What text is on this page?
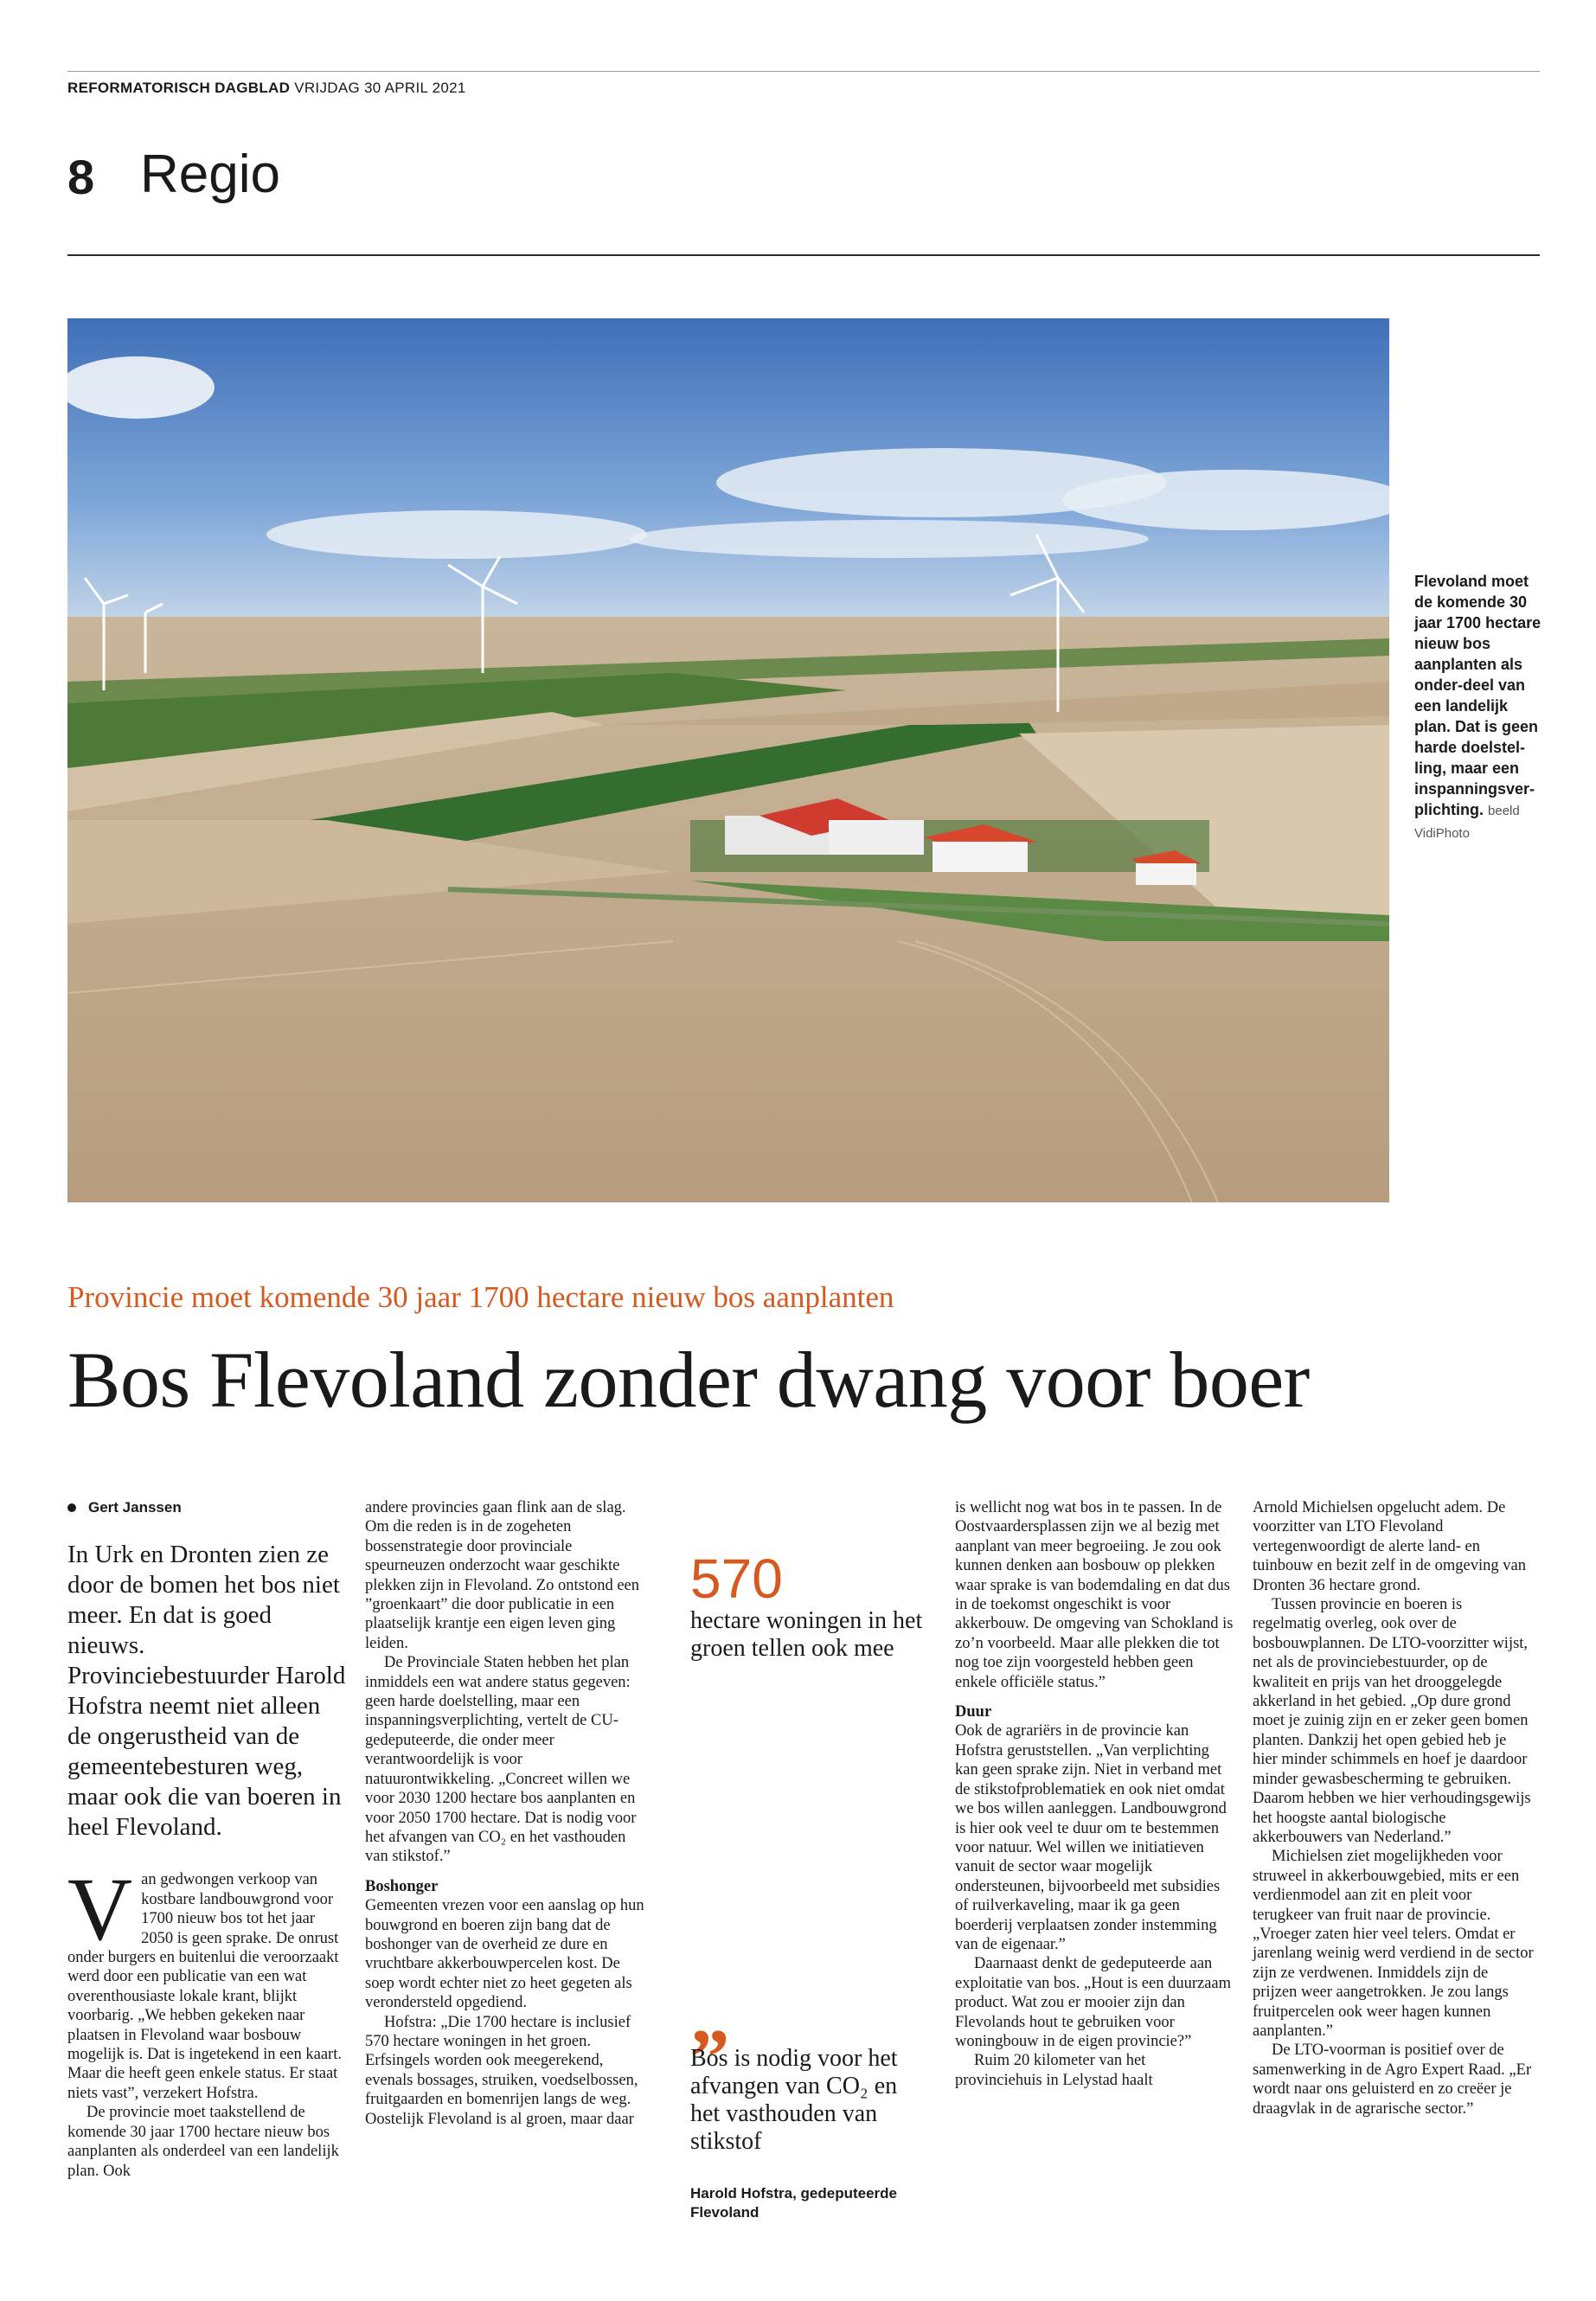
REFORMATORISCH DAGBLAD VRIJDAG 30 APRIL 2021
8 Regio
Flevoland moet de komende 30 jaar 1700 hectare nieuw bos aanplanten als onder-deel van een landelijk plan. Dat is geen harde doelstel-ling, maar een inspanningsver-plichting. beeld VidiPhoto
Provincie moet komende 30 jaar 1700 hectare nieuw bos aanplanten
Bos Flevoland zonder dwang voor boer
Gert Janssen
In Urk en Dronten zien ze door de bomen het bos niet meer. En dat is goed nieuws. Provinciebestuurder Harold Hofstra neemt niet alleen de ongerustheid van de gemeentebesturen weg, maar ook die van boeren in heel Flevoland.

Van gedwongen verkoop van kostbare landbouwgrond voor 1700 nieuw bos tot het jaar 2050 is geen sprake. De onrust onder burgers en buitenlui die veroorzaakt werd door een publicatie van een wat overenthousiaste lokale krant, blijkt voorbarig. „We hebben gekeken naar plaatsen in Flevoland waar bosbouw mogelijk is. Dat is ingetekend in een kaart. Maar die heeft geen enkele status. Er staat niets vast”, verzekert Hofstra.

De provincie moet taakstellend de komende 30 jaar 1700 hectare nieuw bos aanplanten als onderdeel van een landelijk plan. Ook

andere provincies gaan flink aan de slag. Om die reden is in de zogeheten bossenstrategie door provinciale speurneuzen onderzocht waar geschikte plekken zijn in Flevoland. Zo ontstond een ”groenkaart” die door publicatie in een plaatselijk krantje een eigen leven ging leiden.

De Provinciale Staten hebben het plan inmiddels een wat andere status gegeven: geen harde doelstelling, maar een inspanningsverplichting, vertelt de CU-gedeputeerde, die onder meer verantwoordelijk is voor natuurontwikkeling. „Concreet willen we voor 2030 1200 hectare bos aanplanten en voor 2050 1700 hectare. Dat is nodig voor het afvangen van CO₂ en het vasthouden van stikstof.”

Boshonger

Gemeenten vrezen voor een aanslag op hun bouwgrond en boeren zijn bang dat de boshonger van de overheid ze dure en vruchtbare akkerbouwpercelen kost. De soep wordt echter niet zo heet gegeten als verondersteld opgediend.

Hofstra: „Die 1700 hectare is inclusief 570 hectare woningen in het groen. Erfsingels worden ook meegerekend, evenals bossages, struiken, voedselbossen, fruitgaarden en bomenrijen langs de weg. Oostelijk Flevoland is al groen, maar daar

570
hectare woningen in het groen tellen ook mee
„
Bos is nodig voor het afvangen van CO₂ en het vasthouden van stikstof
Harold Hofstra, gedeputeerde Flevoland

is wellicht nog wat bos in te passen. In de Oostvaardersplassen zijn we al bezig met aanplant van meer begroeiing. Je zou ook kunnen denken aan bosbouw op plekken waar sprake is van bodemdaling en dat dus in de toekomst ongeschikt is voor akkerbouw. De omgeving van Schokland is zo’n voorbeeld. Maar alle plekken die tot nog toe zijn voorgesteld hebben geen enkele officiële status.”

Duur

Ook de agrariërs in de provincie kan Hofstra geruststellen. „Van verplichting kan geen sprake zijn. Niet in verband met de stikstofproblematiek en ook niet omdat we bos willen aanleggen. Landbouwgrond is hier ook veel te duur om te bestemmen voor natuur. Wel willen we initiatieven vanuit de sector waar mogelijk ondersteunen, bijvoorbeeld met subsidies of ruilverkaveling, maar ik ga geen boerderij verplaatsen zonder instemming van de eigenaar.”

Daarnaast denkt de gedeputeerde aan exploitatie van bos. „Hout is een duurzaam product. Wat zou er mooier zijn dan Flevolands hout te gebruiken voor woningbouw in de eigen provincie?”

Ruim 20 kilometer van het provinciehuis in Lelystad haalt

Arnold Michielsen opgelucht adem. De voorzitter van LTO Flevoland vertegenwoordigt de alerte land- en tuinbouw en bezit zelf in de omgeving van Dronten 36 hectare grond.

Tussen provincie en boeren is regelmatig overleg, ook over de bosbouwplannen. De LTO-voorzitter wijst, net als de provinciebestuurder, op de kwaliteit en prijs van het drooggelegde akkerland in het gebied. „Op dure grond moet je zuinig zijn en er zeker geen bomen planten. Dankzij het open gebied heb je hier minder schimmels en hoef je daardoor minder gewasbescherming te gebruiken. Daarom hebben we hier verhoudingsgewijs het hoogste aantal biologische akkerbouwers van Nederland.”

Michielsen ziet mogelijkheden voor struweel in akkerbouwgebied, mits er een verdienmodel aan zit en pleit voor terugkeer van fruit naar de provincie. „Vroeger zaten hier veel telers. Omdat er jarenlang weinig werd verdiend in de sector zijn ze verdwenen. Inmiddels zijn de prijzen weer aangetrokken. Je zou langs fruitpercelen ook weer hagen kunnen aanplanten.”

De LTO-voorman is positief over de samenwerking in de Agro Expert Raad. „Er wordt naar ons geluisterd en zo creëer je draagvlak in de agrarische sector.”
